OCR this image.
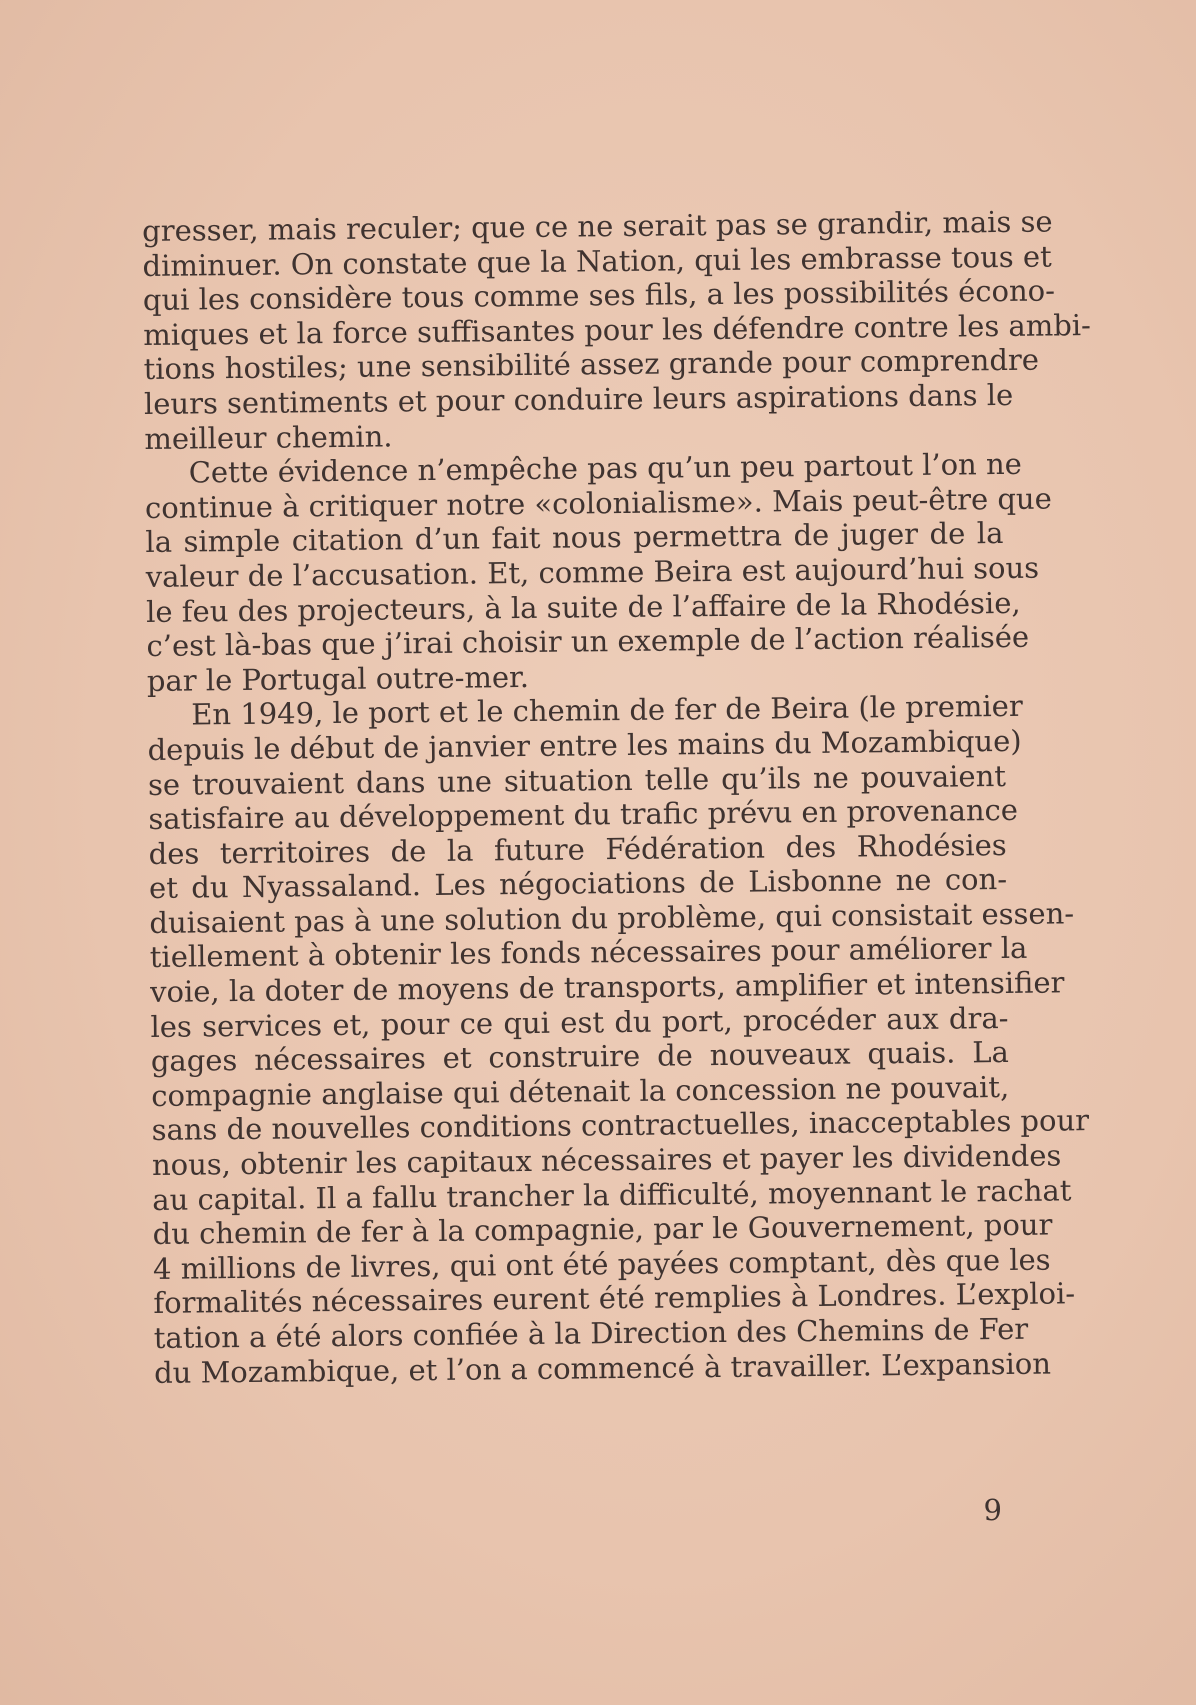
gresser, mais reculer; que ce ne serait pas se grandir, mais se
diminuer. On constate que la Nation, qui les embrasse tous et
qui les considère tous comme ses fils, a les possibilités écono-
miques et la force suffisantes pour les défendre contre les ambi-
tions hostiles; une sensibilité assez grande pour comprendre
leurs sentiments et pour conduire leurs aspirations dans le
meilleur chemin.
Cette évidence n’empêche pas qu’un peu partout l’on ne
continue à critiquer notre «colonialisme». Mais peut-être que
la simple citation d’un fait nous permettra de juger de la
valeur de l’accusation. Et, comme Beira est aujourd’hui sous
le feu des projecteurs, à la suite de l’affaire de la Rhodésie,
c’est là-bas que j’irai choisir un exemple de l’action réalisée
par le Portugal outre-mer.
En 1949, le port et le chemin de fer de Beira (le premier
depuis le début de janvier entre les mains du Mozambique)
se trouvaient dans une situation telle qu’ils ne pouvaient
satisfaire au développement du trafic prévu en provenance
des territoires de la future Fédération des Rhodésies
et du Nyassaland. Les négociations de Lisbonne ne con-
duisaient pas à une solution du problème, qui consistait essen-
tiellement à obtenir les fonds nécessaires pour améliorer la
voie, la doter de moyens de transports, amplifier et intensifier
les services et, pour ce qui est du port, procéder aux dra-
gages nécessaires et construire de nouveaux quais. La
compagnie anglaise qui détenait la concession ne pouvait,
sans de nouvelles conditions contractuelles, inacceptables pour
nous, obtenir les capitaux nécessaires et payer les dividendes
au capital. Il a fallu trancher la difficulté, moyennant le rachat
du chemin de fer à la compagnie, par le Gouvernement, pour
4 millions de livres, qui ont été payées comptant, dès que les
formalités nécessaires eurent été remplies à Londres. L’exploi-
tation a été alors confiée à la Direction des Chemins de Fer
du Mozambique, et l’on a commencé à travailler. L’expansion
9
